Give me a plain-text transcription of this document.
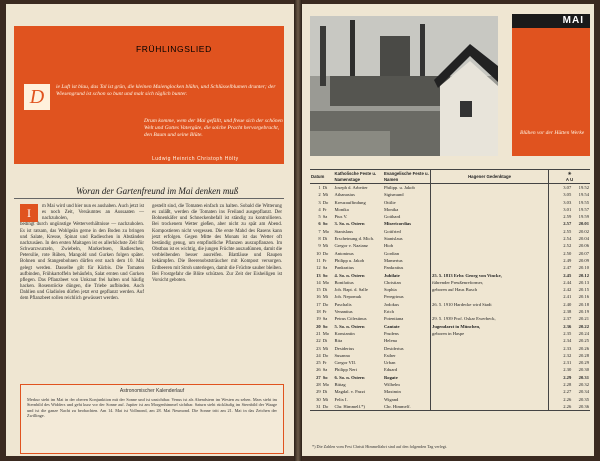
D	ie Luft ist blau, das Tal ist grün, die kleinen Maienglocken blühn, und Schlüsselblumen drunter; der Wiesengrund ist schon so bunt und malt sich täglich bunter.
Drum komme, wem der Mai gefällt, und freue sich der schönen Welt und Gottes Vatergüte, die solche Pracht hervorgebracht, den Baum und seine Blüte.
Ludwig Heinrich Christoph Hölty
FRÜHLINGSLIED
Woran der Gartenfreund im Mai denken muß
m Mai wird und hier nun es aushaben. Auch jetzt ist es noch Zeit, Versäumtes an Aussaaten — nachzuholen,
bedingt durch ungünstige Wetterverhältnisse — nachzuholen. Es ist ratsam, das Wohlgeän gerne in den Boden zu bringen und Salate, Kresse, Spinat und Radieschen in Abständen nachzusäen. In den ersten Maitagen ist es allerhöchste Zeit für Schwarzwurzeln, Zwiebeln, Markerbsen, Radieschen, Petersilie, rote Rüben, Mangold und Gurken folgen später. Bohnen und Stangenbohnen dürfen erst nach dem 10. Mai gelegt werden. Dasselbe gilt für Kürbis. Die Tomaten aufbinden, Frühkartoffeln behäufeln, Salat ernten und Gurken pflegen. Das Pflanzbeet von Unkraut frei halten und häufig hacken. Rosenstöcke düngen, die Triebe aufbinden. Auch Dahlien und Gladiolen dürfen jetzt erst gepflanzt werden. Auf dem Pflanzbeet sollen reichlich gewässert werden.
I	gestellt sind, die Tomaten einfach zu halten. Sobald die Witterung es zuläßt, werden die Tomaten ins Freiland ausgepflanzt. Der Bohnenkäfer und Schneckenbefall ist ständig zu kontrollieren. Bei trockenem Wetter gießen, aber nicht zu spät am Abend. Kompostieren nicht vergessen. Die erste Mahd des Rasens kann jetzt erfolgen. Gegen Mitte des Monats ist das Wetter oft beständig genug, um empfindliche Pflanzen auszupflanzen. Im Obstbau ist es wichtig, die jungen Früchte auszudünnen, damit die verbleibenden besser ausreifen. Blattläuse und Raupen bekämpfen. Die Beerenobststräucher mit Kompost versorgen. Erdbeeren mit Stroh unterlegen, damit die Früchte sauber bleiben. Bei Frostgefahr die Blüte schützen. Zur Zeit der Eisheiligen ist Vorsicht geboten.
Astronomischer Kalenderlauf
Merkur steht im Mai in der oberen Konjunktion mit der Sonne und ist unsichtbar. Venus ist als Abendstern im Westen zu sehen. Mars steht im Sternbild des Widders und geht kurz vor der Sonne auf. Jupiter ist am Morgenhimmel sichtbar. Saturn steht rückläufig im Sternbild der Waage und ist die ganze Nacht zu beobachten. Am 14. Mai ist Vollmond, am 28. Mai Neumond. Die Sonne tritt am 21. Mai in das Zeichen der Zwillinge.
MAI
Blühen vor der Hütten Werke
Datum		Katholische Feste u. Namenstage	Evangelische Feste u. Namen	Hagener Gedenktage	☀
A U	
1	Di	Joseph d. Arbeiter	Philipp. u. Jakob		3.07	19.52
2	Mi	Athanasius	Sigismund		3.05	19.54
3	Do	Kreuzauffindung	Ottilie		3.03	19.55
4	Fr	Monika	Monika		3.01	19.57
5	Sa	Pius V.	Gotthard		2.59	19.59
6	So	3. So. n. Ostern	Misericordias		2.57	20.01
7	Mo	Stanislaus	Gottfried		2.55	20.02
8	Di	Erscheinung d. Mich.	Stanislaus		2.54	20.04
9	Mi	Gregor v. Nazianz	Hiob		2.52	20.06
10	Do	Antoninus	Gordian		2.50	20.07
11	Fr	Philipp u. Jakob	Mamertus		2.49	20.09
12	Sa	Pankratius	Pankratius		2.47	20.10
13	So	4. So. n. Ostern	Jubilate	25. 5. 1813 Erhr. Georg von Vincke,	2.45	20.12
14	Mo	Bonifatius	Christian	führender Preußenreformer,	2.44	20.13
15	Di	Joh. Bapt. d. Salle	Sophia	geboren auf Haus Busch	2.42	20.15
16	Mi	Joh. Nepomuk	Peregrinus		2.41	20.16
17	Do	Paschalis	Jodokus	26. 5. 1910 Hardecke wird Stadt	2.40	20.18
18	Fr	Venantius	Erich		2.38	20.19
19	Sa	Petrus Cölestinus	Potentiana	29. 5. 1939 Prof. Oskar Ewerbeck,	2.37	20.21
20	So	5. So. n. Ostern	Cantate	Jugendarzt in München,	2.36	20.22
21	Mo	Konstantin	Prudens	geboren in Haspe	2.35	20.24
22	Di	Rita	Helena		2.34	20.25
23	Mi	Desiderius	Desiderius		2.33	20.26
24	Do	Susanna	Esther		2.32	20.28
25	Fr	Gregor VII.	Urban		2.31	20.29
26	Sa	Philipp Neri	Eduard		2.30	20.30
27	So	6. So. n. Ostern	Rogate		2.29	20.31
28	Mo	Bittag	Wilhelm		2.28	20.32
29	Di	Magdal. v. Pazzi	Maximin		2.27	20.34
30	Mi	Felix I.	Wigand		2.26	20.35
31	Do	Chr. Himmelf.*)	Chr. Himmelf.		2.26	20.36
*) Die Zahlen vom Fest Christi Himmelfahrt sind auf den folgenden Tag verlegt.
